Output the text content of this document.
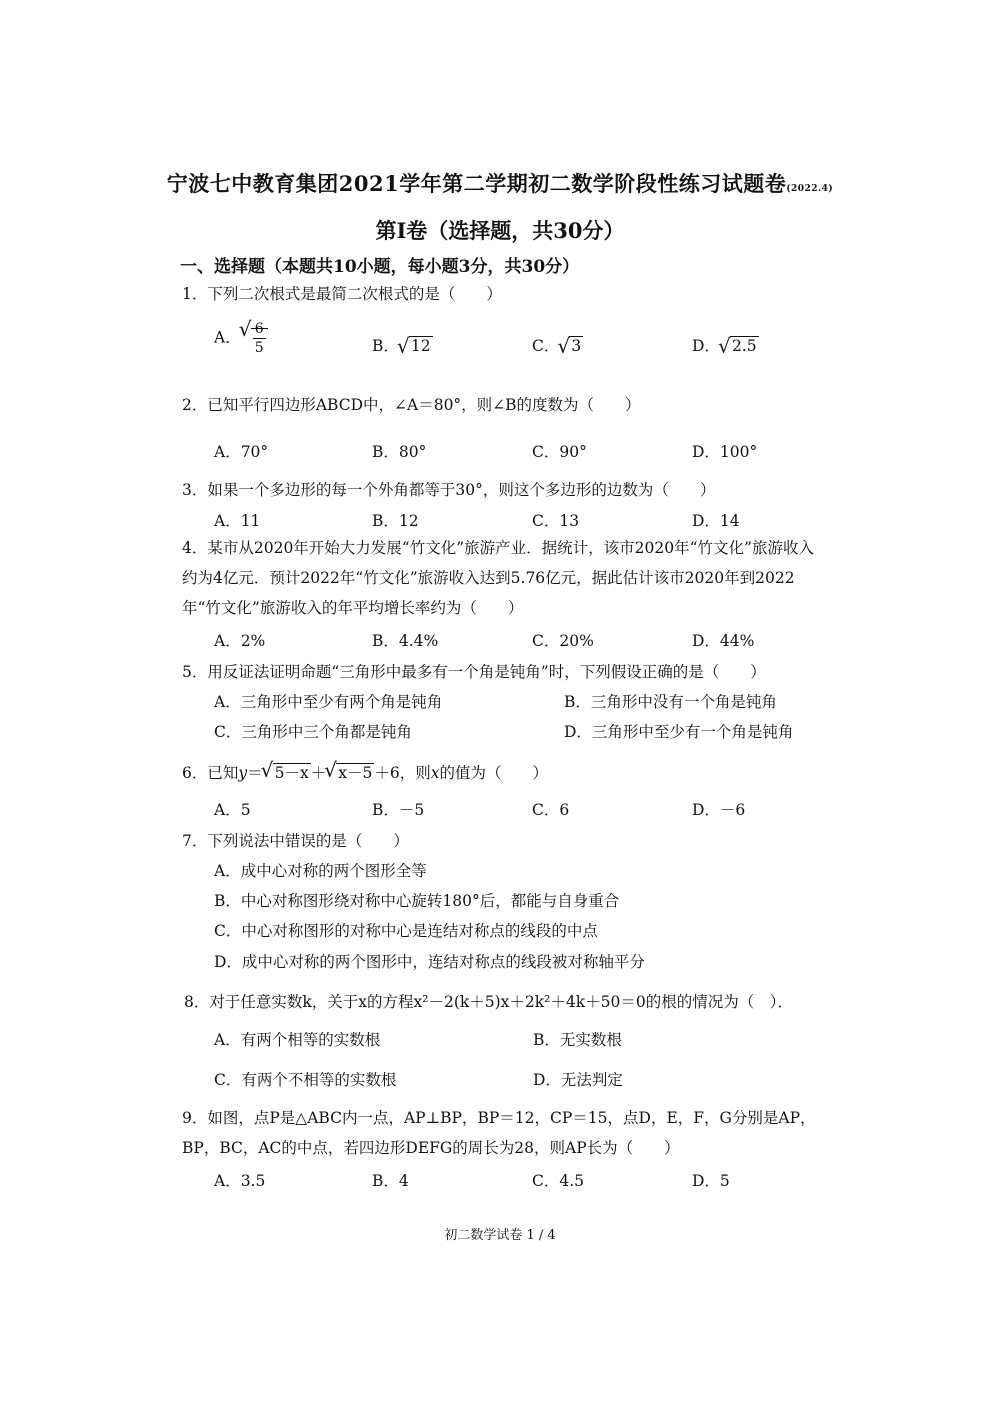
宁波七中教育集团2021学年第二学期初二数学阶段性练习试题卷(2022.4)
第Ⅰ卷（选择题，共30分）
一、选择题（本题共10小题，每小题3分，共30分）
1．下列二次根式是最简二次根式的是（　　）
A． √ $\frac{6}{5}$	B． √ 12	C． √ 3	D． √ 2.5
2．已知平行四边形ABCD中，∠A＝80°，则∠B的度数为（　　）
A．70°	B．80°	C．90°	D．100°
3．如果一个多边形的每一个外角都等于30°，则这个多边形的边数为（　　）
A．11	B．12	C．13	D．14
4．某市从2020年开始大力发展“竹文化”旅游产业．据统计，该市2020年“竹文化”旅游收入约为4亿元．预计2022年“竹文化”旅游收入达到5.76亿元，据此估计该市2020年到2022年“竹文化”旅游收入的年平均增长率约为（　　）
A．2%	B．4.4%	C．20%	D．44%
5．用反证法证明命题“三角形中最多有一个角是钝角”时，下列假设正确的是（　　）
A．三角形中至少有两个角是钝角	B．三角形中没有一个角是钝角
C．三角形中三个角都是钝角	D．三角形中至少有一个角是钝角
6．已知y＝ √ 5－x ＋ √ x－5 ＋6，则x的值为（　　）
A．5	B．－5	C．6	D．－6
7．下列说法中错误的是（　　）
A．成中心对称的两个图形全等
B．中心对称图形绕对称中心旋转180°后，都能与自身重合
C．中心对称图形的对称中心是连结对称点的线段的中点
D．成中心对称的两个图形中，连结对称点的线段被对称轴平分
8．对于任意实数k，关于x的方程x²－2(k＋5)x＋2k²＋4k＋50＝0的根的情况为（　）．
A．有两个相等的实数根	B．无实数根
C．有两个不相等的实数根	D．无法判定
9．如图，点P是△ABC内一点，AP⊥BP，BP＝12，CP＝15，点D，E，F，G分别是AP，BP，BC，AC的中点，若四边形DEFG的周长为28，则AP长为（　　）
A．3.5	B．4	C．4.5	D．5
初二数学试卷 1 / 4
